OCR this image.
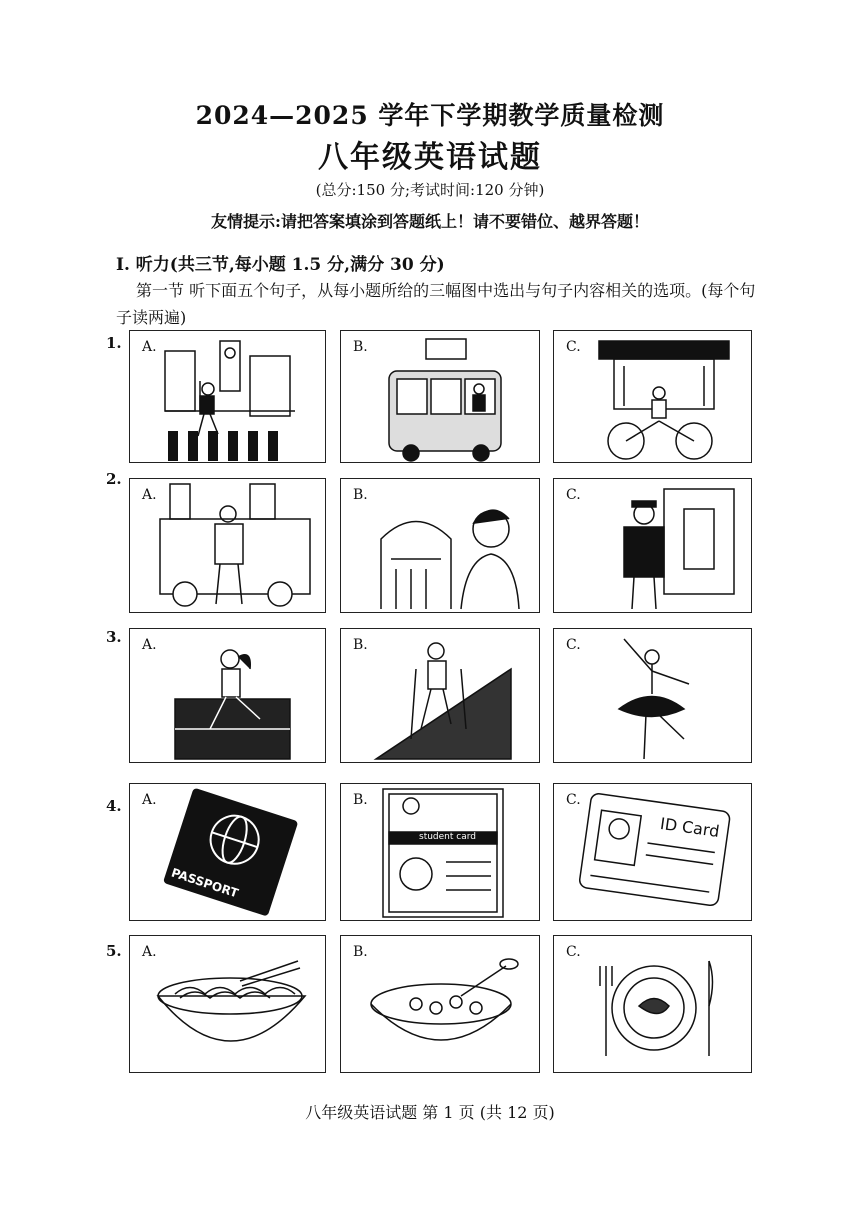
2024—2025 学年下学期教学质量检测
八年级英语试题
(总分:150 分;考试时间:120 分钟)
友情提示:请把答案填涂到答题纸上！请不要错位、越界答题！
Ⅰ. 听力(共三节,每小题 1.5 分,满分 30 分)
第一节 听下面五个句子，从每小题所给的三幅图中选出与句子内容相关的选项。(每个句子读两遍)
1. A.	B.	C.
2.
A.	B.	C.
3. A.	B.	C.
4. A.
PASSPORT
B.
student card
C.
ID Card
5. A.	B.	C.
八年级英语试题 第 1 页 (共 12 页)
